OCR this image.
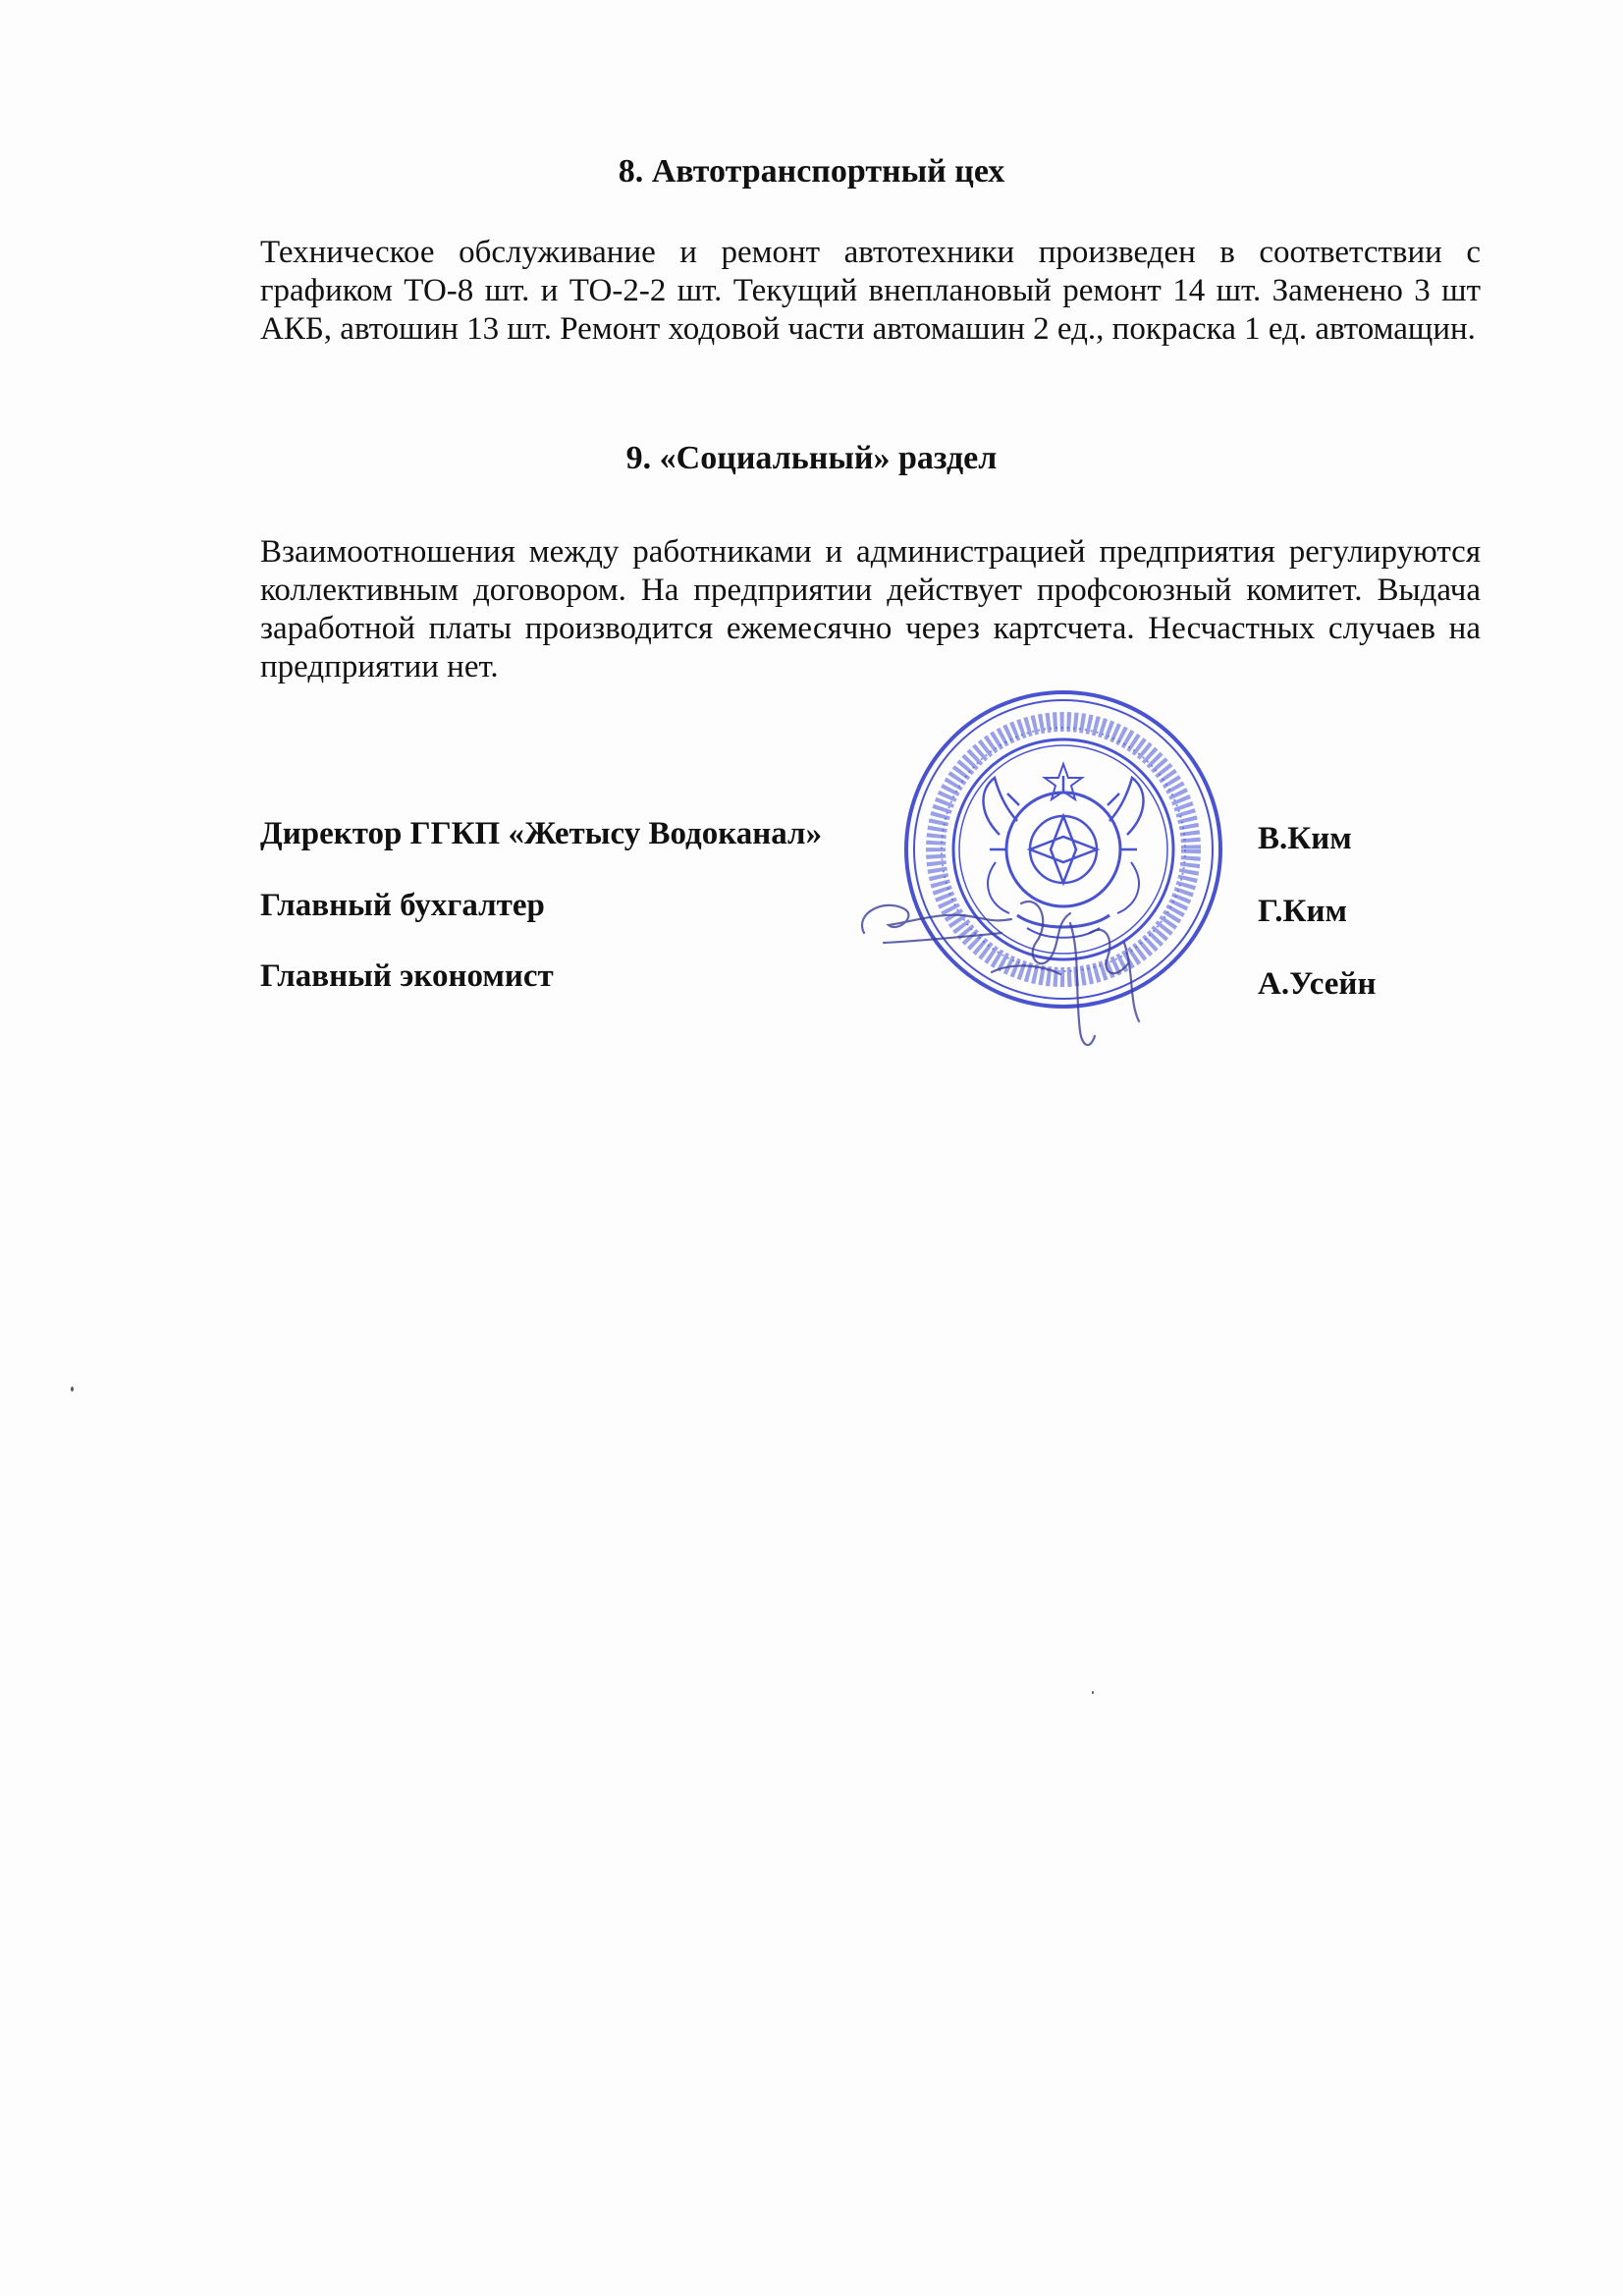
8. Автотранспортный цех

Техническое обслуживание и ремонт автотехники произведен в соответствии с графиком ТО-8 шт. и ТО-2-2 шт. Текущий внеплановый ремонт 14 шт. Заменено 3 шт АКБ, автошин 13 шт. Ремонт ходовой части автомашин 2 ед., покраска 1 ед. автомащин.

9. «Социальный» раздел

Взаимоотношения между работниками и администрацией предприятия регулируются коллективным договором. На предприятии действует профсоюзный комитет. Выдача заработной платы производится ежемесячно через картсчета. Несчастных случаев на предприятии нет.

Директор ГГКП «Жетысу Водоканал»
Главный бухгалтер
Главный экономист
В.Ким
Г.Ким
А.Усейн
